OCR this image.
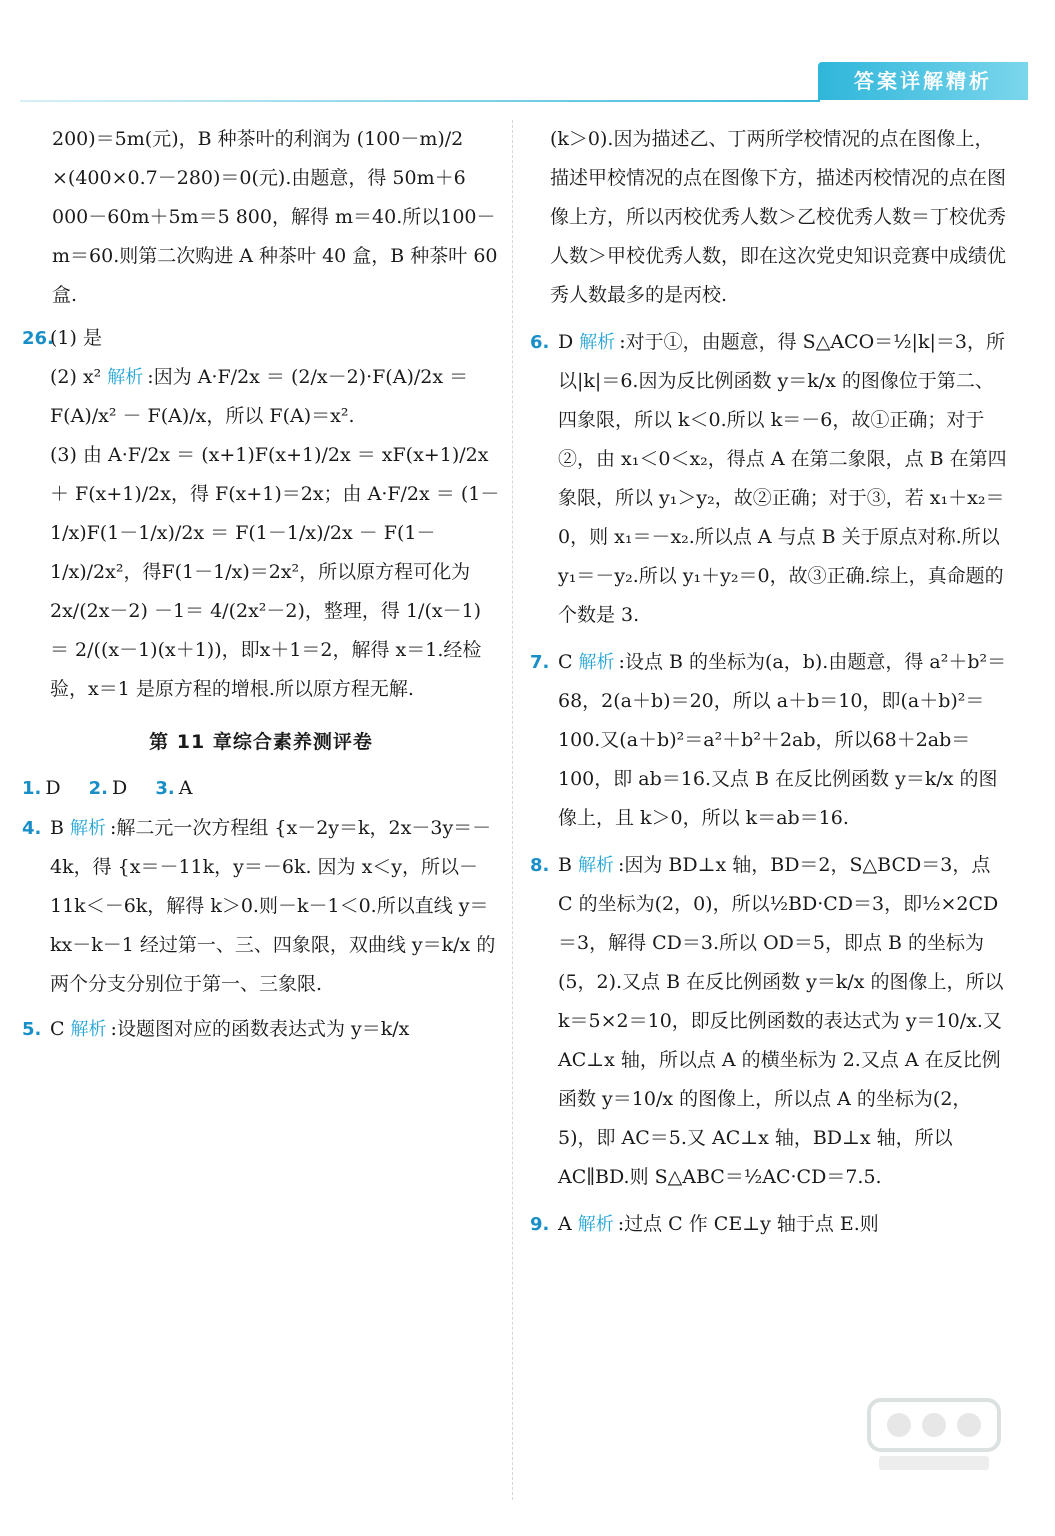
答案详解精析

200)＝5m(元)，B 种茶叶的利润为 (100－m)/2 ×(400×0.7－280)＝0(元).由题意，得 50m＋6 000－60m＋5m＝5 800，解得 m＝40.所以100－m＝60.则第二次购进 A 种茶叶 40 盒，B 种茶叶 60 盒.

26.
(1) 是
(2) x² 解析 :因为 A·F/2x ＝ (2/x－2)·F(A)/2x ＝ F(A)/x² － F(A)/x，所以 F(A)＝x².
(3) 由 A·F/2x ＝ (x+1)F(x+1)/2x ＝ xF(x+1)/2x ＋ F(x+1)/2x，得 F(x+1)＝2x；由 A·F/2x ＝ (1－1/x)F(1－1/x)/2x ＝ F(1－1/x)/2x － F(1－1/x)/2x²，得F(1－1/x)＝2x²，所以原方程可化为 2x/(2x－2) －1＝ 4/(2x²－2)，整理，得 1/(x－1) ＝ 2/((x－1)(x＋1))，即x＋1＝2，解得 x＝1.经检验，x＝1 是原方程的增根.所以原方程无解.
第 11 章综合素养测评卷
1. D 2. D 3. A
4. B 解析 :解二元一次方程组 {x－2y＝k，2x－3y＝－4k，得 {x＝－11k，y＝－6k. 因为 x＜y，所以－11k＜－6k，解得 k＞0.则－k－1＜0.所以直线 y＝kx－k－1 经过第一、三、四象限，双曲线 y＝k/x 的两个分支分别位于第一、三象限.
5. C 解析 :设题图对应的函数表达式为 y＝k/x

(k＞0).因为描述乙、丁两所学校情况的点在图像上，描述甲校情况的点在图像下方，描述丙校情况的点在图像上方，所以丙校优秀人数＞乙校优秀人数＝丁校优秀人数＞甲校优秀人数，即在这次党史知识竞赛中成绩优秀人数最多的是丙校.

6. D 解析 :对于①，由题意，得 S△ACO＝½|k|＝3，所以|k|＝6.因为反比例函数 y＝k/x 的图像位于第二、四象限，所以 k＜0.所以 k＝－6，故①正确；对于②，由 x₁＜0＜x₂，得点 A 在第二象限，点 B 在第四象限，所以 y₁＞y₂，故②正确；对于③，若 x₁＋x₂＝0，则 x₁＝－x₂.所以点 A 与点 B 关于原点对称.所以 y₁＝－y₂.所以 y₁＋y₂＝0，故③正确.综上，真命题的个数是 3.
7. C 解析 :设点 B 的坐标为(a，b).由题意，得 a²＋b²＝68，2(a＋b)＝20，所以 a＋b＝10，即(a＋b)²＝100.又(a＋b)²＝a²＋b²＋2ab，所以68＋2ab＝100，即 ab＝16.又点 B 在反比例函数 y＝k/x 的图像上，且 k＞0，所以 k＝ab＝16.
8. B 解析 :因为 BD⊥x 轴，BD＝2，S△BCD＝3，点 C 的坐标为(2，0)，所以½BD·CD＝3，即½×2CD＝3，解得 CD＝3.所以 OD＝5，即点 B 的坐标为(5，2).又点 B 在反比例函数 y＝k/x 的图像上，所以 k＝5×2＝10，即反比例函数的表达式为 y＝10/x.又 AC⊥x 轴，所以点 A 的横坐标为 2.又点 A 在反比例函数 y＝10/x 的图像上，所以点 A 的坐标为(2，5)，即 AC＝5.又 AC⊥x 轴，BD⊥x 轴，所以 AC∥BD.则 S△ABC＝½AC·CD＝7.5.
9. A 解析 :过点 C 作 CE⊥y 轴于点 E.则
